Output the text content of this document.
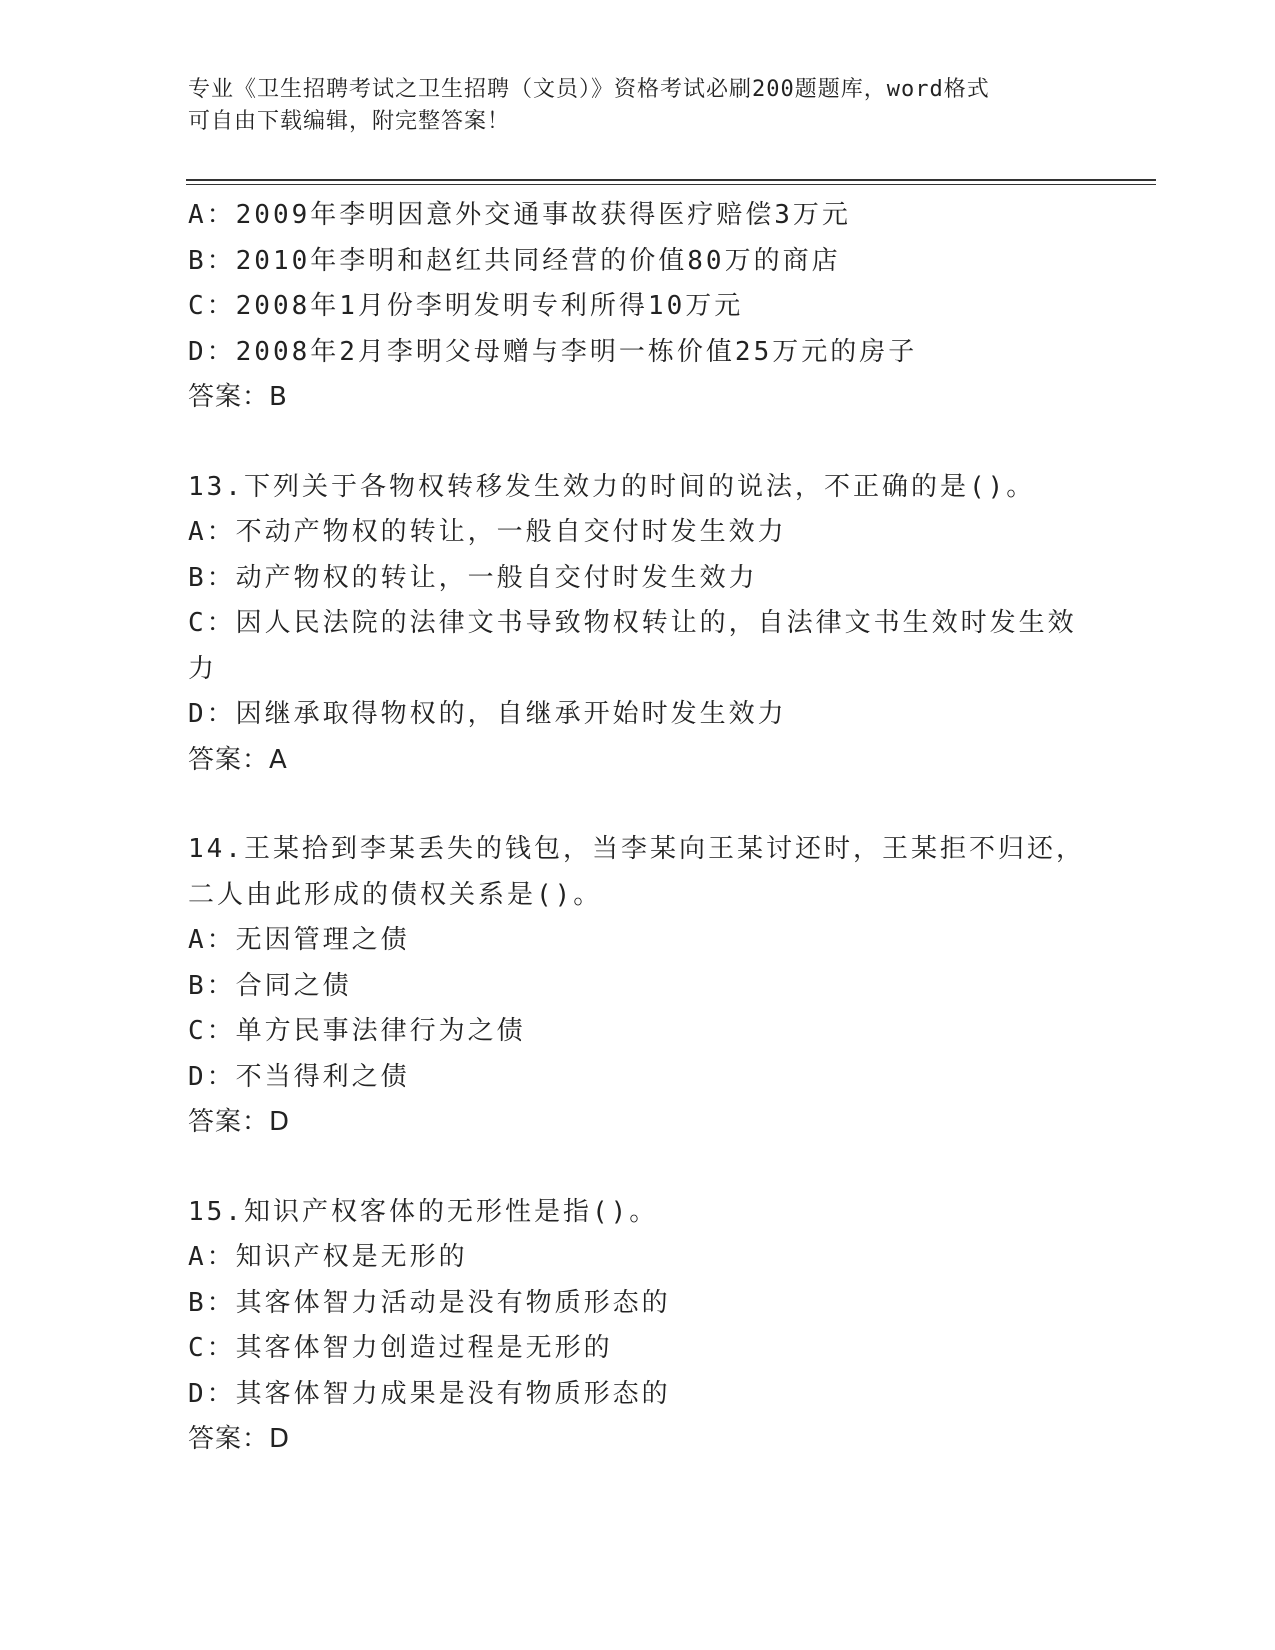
专业《卫生招聘考试之卫生招聘（文员）》资格考试必刷200题题库，word格式
可自由下载编辑，附完整答案！
A：2009年李明因意外交通事故获得医疗赔偿3万元
B：2010年李明和赵红共同经营的价值80万的商店
C：2008年1月份李明发明专利所得10万元
D：2008年2月李明父母赠与李明一栋价值25万元的房子
答案：B
13.下列关于各物权转移发生效力的时间的说法，不正确的是()。
A：不动产物权的转让，一般自交付时发生效力
B：动产物权的转让，一般自交付时发生效力
C：因人民法院的法律文书导致物权转让的，自法律文书生效时发生效
力
D：因继承取得物权的，自继承开始时发生效力
答案：A
14.王某拾到李某丢失的钱包，当李某向王某讨还时，王某拒不归还，
二人由此形成的债权关系是()。
A：无因管理之债
B：合同之债
C：单方民事法律行为之债
D：不当得利之债
答案：D
15.知识产权客体的无形性是指()。
A：知识产权是无形的
B：其客体智力活动是没有物质形态的
C：其客体智力创造过程是无形的
D：其客体智力成果是没有物质形态的
答案：D
